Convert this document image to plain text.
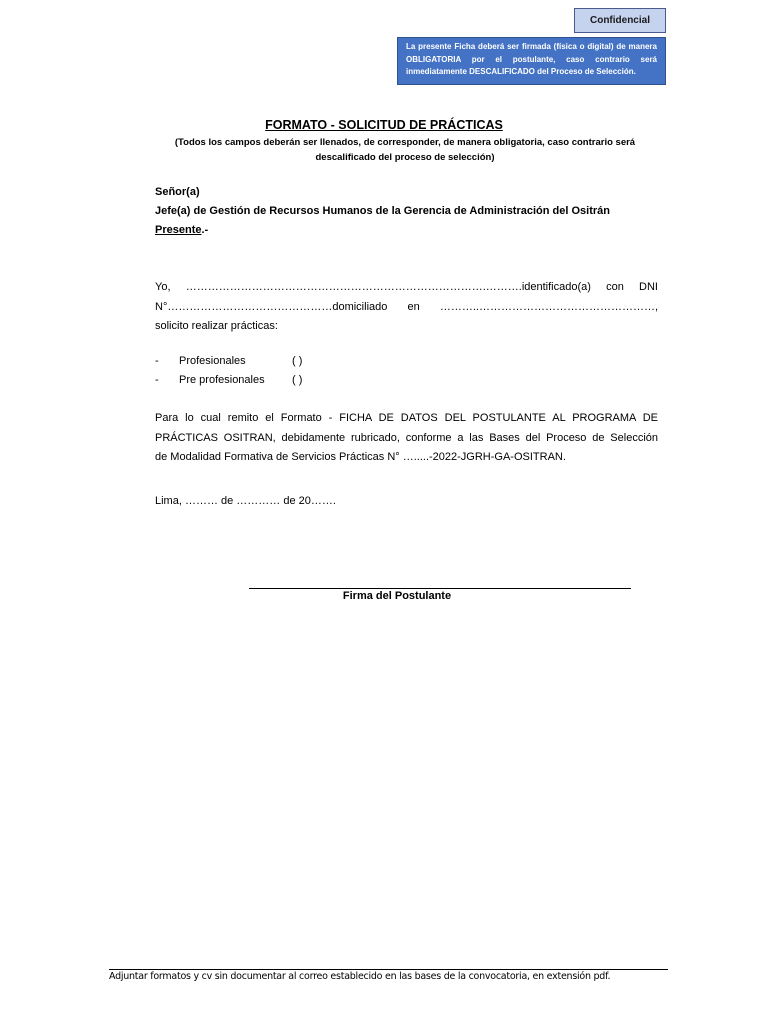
Confidencial
La presente Ficha deberá ser firmada (física o digital) de manera OBLIGATORIA por el postulante, caso contrario será inmediatamente DESCALIFICADO del Proceso de Selección.
FORMATO - SOLICITUD DE PRÁCTICAS
(Todos los campos deberán ser llenados, de corresponder, de manera obligatoria, caso contrario será descalificado del proceso de selección)
Señor(a)
Jefe(a) de Gestión de Recursos Humanos de la Gerencia de Administración del Ositrán
Presente.-
Yo, ……………………………………………………………………….……….identificado(a) con DNI
N°………………………………………domiciliado en ………..…………………………………………,
solicito realizar prácticas:
- Profesionales	( )
- Pre profesionales ( )
Para lo cual remito el Formato - FICHA DE DATOS DEL POSTULANTE AL PROGRAMA DE
PRÁCTICAS OSITRAN, debidamente rubricado, conforme a las Bases del Proceso de Selección
de Modalidad Formativa de Servicios Prácticas N° ….....-2022-JGRH-GA-OSITRAN.
Lima, ……… de ………… de 20…….
Firma del Postulante
Adjuntar formatos y cv sin documentar al correo establecido en las bases de la convocatoria, en extensión pdf.
